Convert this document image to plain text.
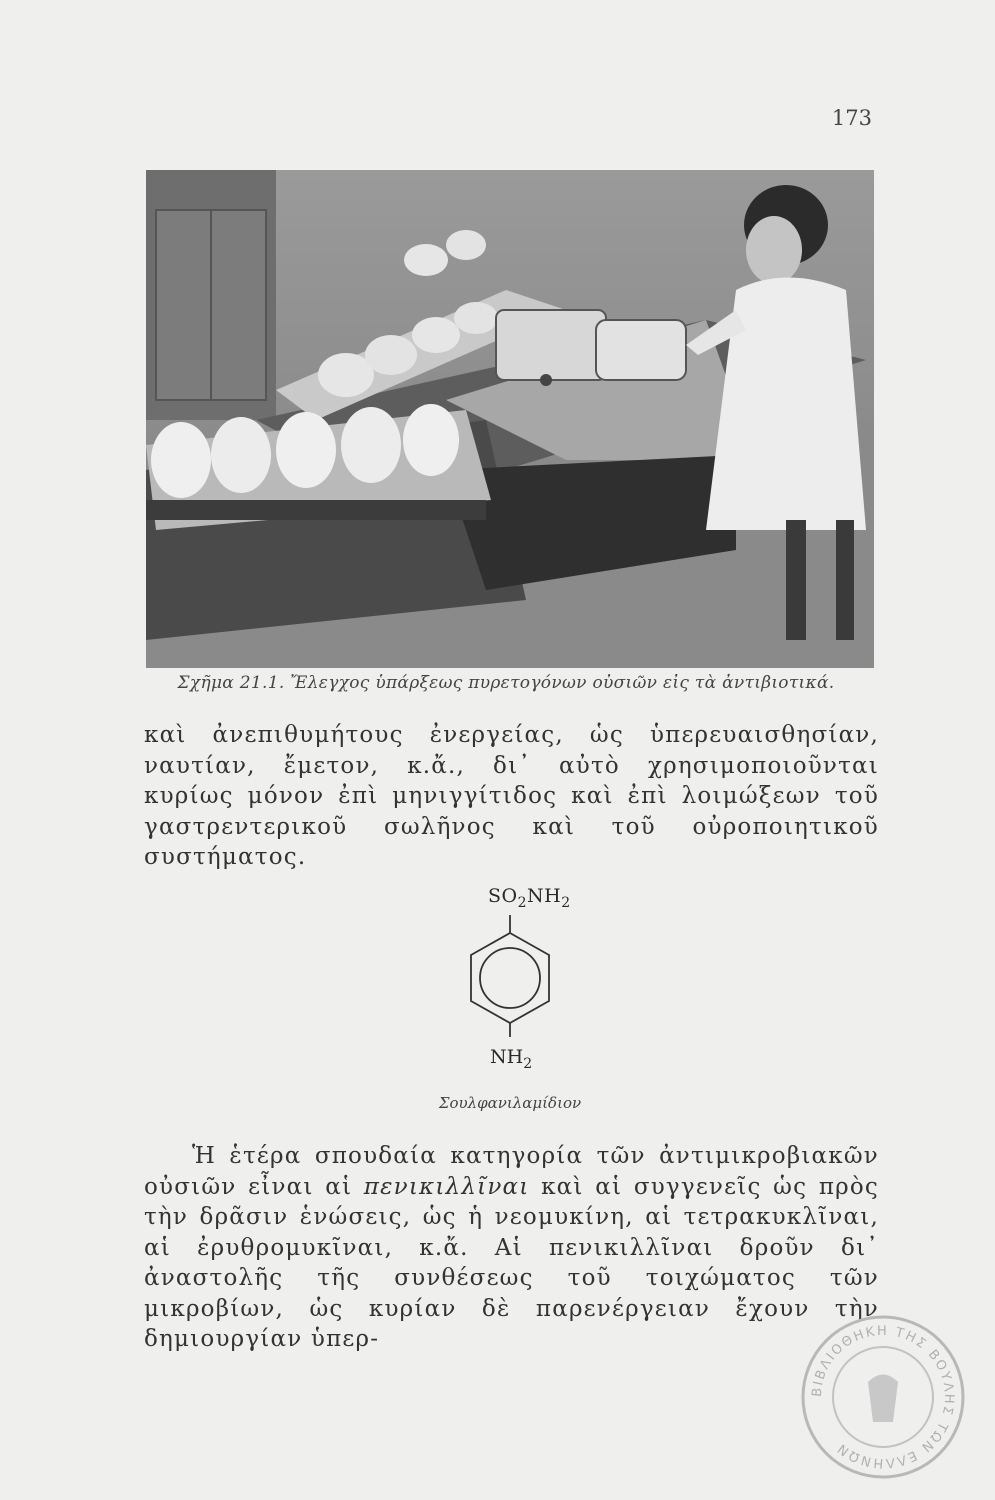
173
Σχῆμα 21.1. Ἔλεγχος ὑπάρξεως πυρετογόνων οὐσιῶν εἰς τὰ ἀντιβιοτικά.

καὶ ἀνεπιθυμήτους ἐνεργείας, ὡς ὑπερευαισθησίαν, ναυτίαν, ἔμετον, κ.ἄ., δι᾽ αὐτὸ χρησιμοποιοῦνται κυρίως μόνον ἐπὶ μηνιγγίτιδος καὶ ἐπὶ λοιμώξεων τοῦ γαστρεντερικοῦ σωλῆνος καὶ τοῦ οὐροποιητικοῦ συστήματος.

$SO_2NH_2$
$NH_2$
Σουλφανιλαμίδιον

Ἡ ἑτέρα σπουδαία κατηγορία τῶν ἀντιμικροβιακῶν οὐσιῶν εἶναι αἱ πενικιλλῖναι καὶ αἱ συγγενεῖς ὡς πρὸς τὴν δρᾶσιν ἑνώσεις, ὡς ἡ νεομυκίνη, αἱ τετρακυκλῖναι, αἱ ἐρυθρομυκῖναι, κ.ἄ. Αἱ πενικιλλῖναι δροῦν δι᾽ ἀναστολῆς τῆς συνθέσεως τοῦ τοιχώματος τῶν μικροβίων, ὡς κυρίαν δὲ παρενέργειαν ἔχουν τὴν δημιουργίαν ὑπερ-

ΒΙΒΛΙΟΘΗΚΗ ΤΗΣ ΒΟΥΛΗΣ ΤΩΝ ΕΛΛΗΝΩΝ
